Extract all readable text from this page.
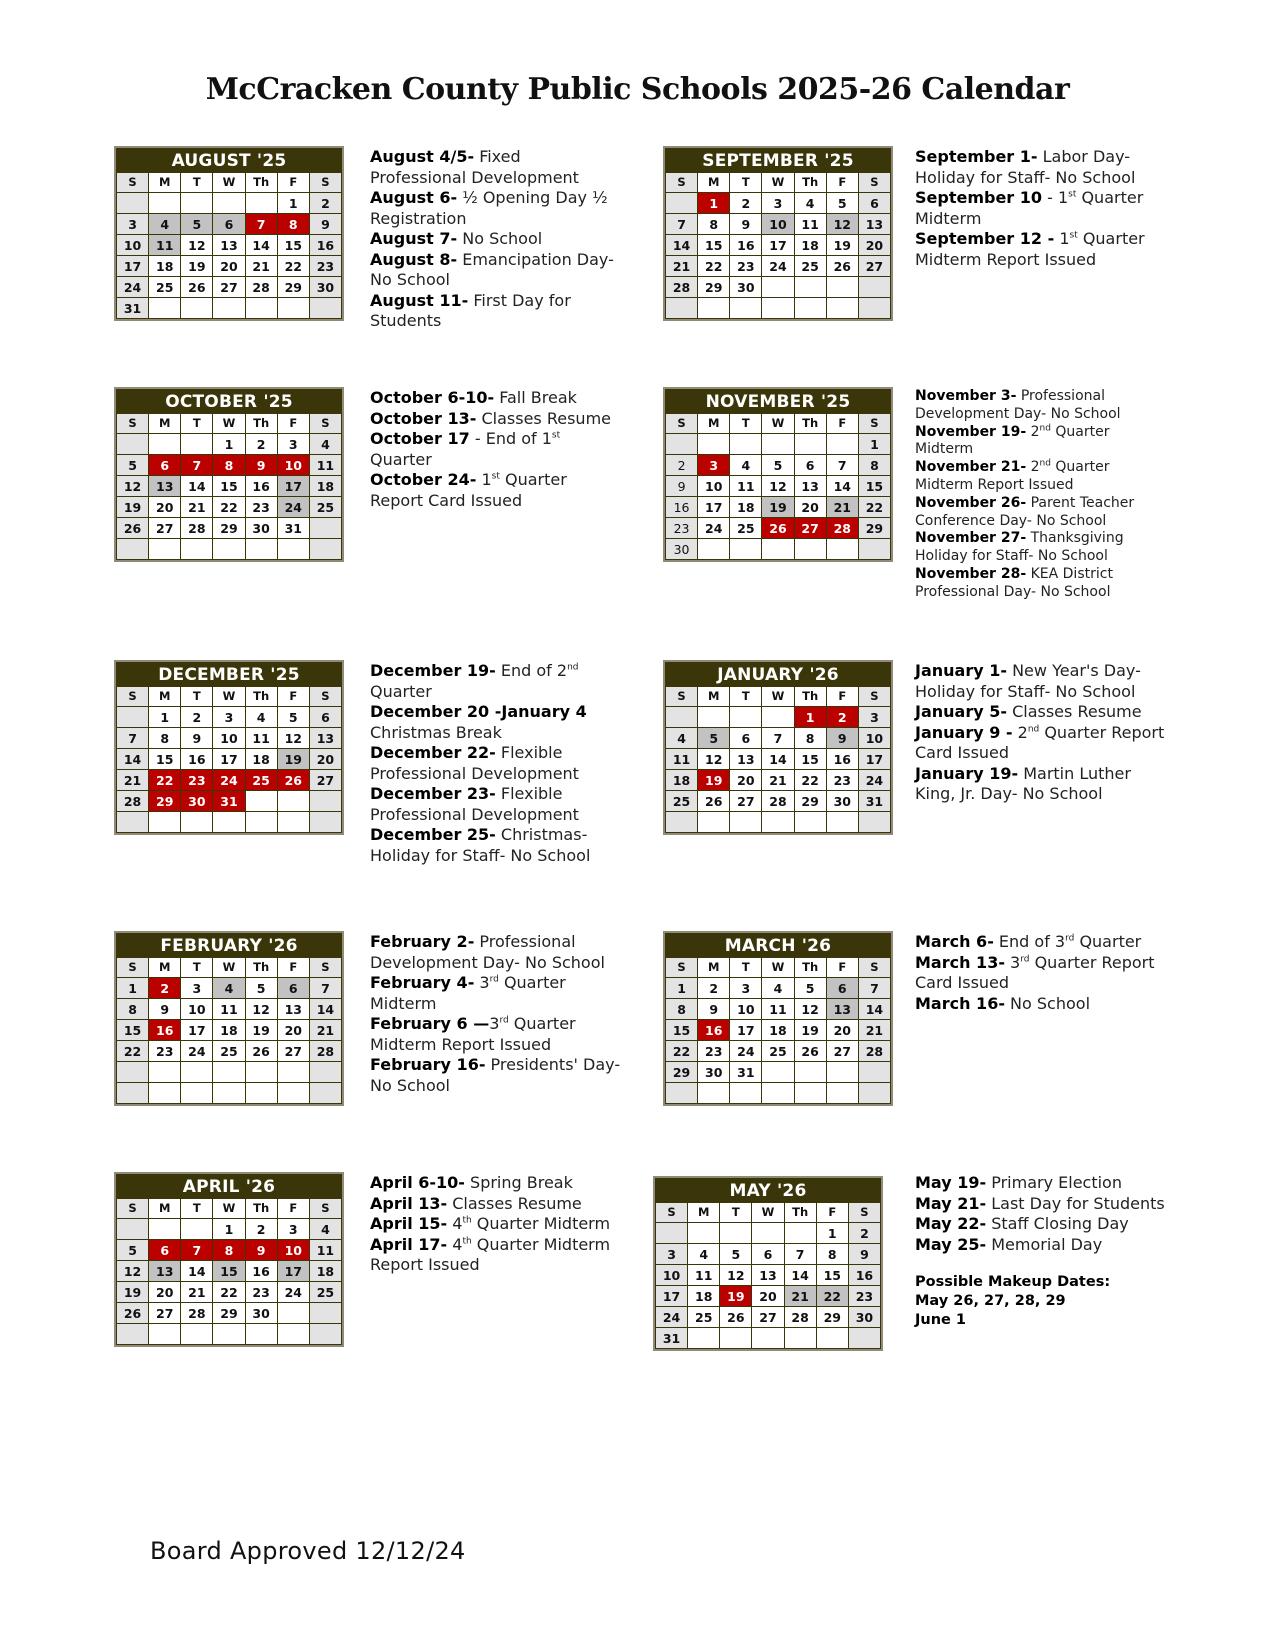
McCracken County Public Schools 2025-26 Calendar
AUGUST '25
S	M	T	W	Th	F	S
					1	2
3	4	5	6	7	8	9
10	11	12	13	14	15	16
17	18	19	20	21	22	23
24	25	26	27	28	29	30
31						
SEPTEMBER '25
S	M	T	W	Th	F	S
	1	2	3	4	5	6
7	8	9	10	11	12	13
14	15	16	17	18	19	20
21	22	23	24	25	26	27
28	29	30				

OCTOBER '25
S	M	T	W	Th	F	S
			1	2	3	4
5	6	7	8	9	10	11
12	13	14	15	16	17	18
19	20	21	22	23	24	25
26	27	28	29	30	31	

NOVEMBER '25
S	M	T	W	Th	F	S
						1
2	3	4	5	6	7	8
9	10	11	12	13	14	15
16	17	18	19	20	21	22
23	24	25	26	27	28	29
30						
DECEMBER '25
S	M	T	W	Th	F	S
	1	2	3	4	5	6
7	8	9	10	11	12	13
14	15	16	17	18	19	20
21	22	23	24	25	26	27
28	29	30	31			

JANUARY '26
S	M	T	W	Th	F	S
				1	2	3
4	5	6	7	8	9	10
11	12	13	14	15	16	17
18	19	20	21	22	23	24
25	26	27	28	29	30	31

FEBRUARY '26
S	M	T	W	Th	F	S
1	2	3	4	5	6	7
8	9	10	11	12	13	14
15	16	17	18	19	20	21
22	23	24	25	26	27	28

MARCH '26
S	M	T	W	Th	F	S
1	2	3	4	5	6	7
8	9	10	11	12	13	14
15	16	17	18	19	20	21
22	23	24	25	26	27	28
29	30	31				

APRIL '26
S	M	T	W	Th	F	S
			1	2	3	4
5	6	7	8	9	10	11
12	13	14	15	16	17	18
19	20	21	22	23	24	25
26	27	28	29	30		

MAY '26
S	M	T	W	Th	F	S
					1	2
3	4	5	6	7	8	9
10	11	12	13	14	15	16
17	18	19	20	21	22	23
24	25	26	27	28	29	30
31						

August 4/5- Fixed Professional Development

August 6- ½ Opening Day ½ Registration

August 7- No School

August 8- Emancipation Day- No School

August 11- First Day for Students

September 1- Labor Day- Holiday for Staff- No School

September 10 - 1st Quarter Midterm

September 12 - 1st Quarter Midterm Report Issued

October 6-10- Fall Break

October 13- Classes Resume

October 17 - End of 1st Quarter

October 24- 1st Quarter Report Card Issued

November 3- Professional Development Day- No School

November 19- 2nd Quarter Midterm

November 21- 2nd Quarter Midterm Report Issued

November 26- Parent Teacher Conference Day- No School

November 27- Thanksgiving Holiday for Staff- No School

November 28- KEA District Professional Day- No School

December 19- End of 2nd Quarter

December 20 -January 4 Christmas Break

December 22- Flexible Professional Development

December 23- Flexible Professional Development

December 25- Christmas- Holiday for Staff- No School

January 1- New Year's Day- Holiday for Staff- No School

January 5- Classes Resume

January 9 - 2nd Quarter Report Card Issued

January 19- Martin Luther King, Jr. Day- No School

February 2- Professional Development Day- No School

February 4- 3rd Quarter Midterm

February 6 —3rd Quarter Midterm Report Issued

February 16- Presidents' Day- No School

March 6- End of 3rd Quarter

March 13- 3rd Quarter Report Card Issued

March 16- No School

April 6-10- Spring Break

April 13- Classes Resume

April 15- 4th Quarter Midterm

April 17- 4th Quarter Midterm Report Issued

May 19- Primary Election

May 21- Last Day for Students

May 22- Staff Closing Day

May 25- Memorial Day

Possible Makeup Dates:

May 26, 27, 28, 29

June 1

Board Approved 12/12/24
